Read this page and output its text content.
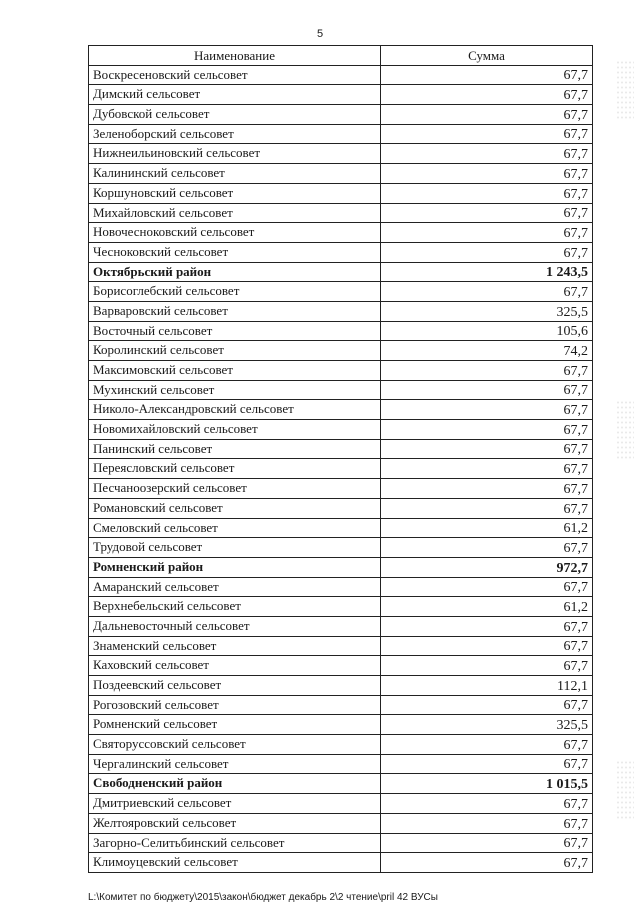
5
Наименование	Сумма
Воскресеновский сельсовет	67,7
Димский сельсовет	67,7
Дубовской сельсовет	67,7
Зеленоборский сельсовет	67,7
Нижнеильиновский сельсовет	67,7
Калининский сельсовет	67,7
Коршуновский сельсовет	67,7
Михайловский сельсовет	67,7
Новочесноковский сельсовет	67,7
Чесноковский сельсовет	67,7
Октябрьский район	1 243,5
Борисоглебский сельсовет	67,7
Варваровский сельсовет	325,5
Восточный сельсовет	105,6
Королинский сельсовет	74,2
Максимовский сельсовет	67,7
Мухинский сельсовет	67,7
Николо-Александровский сельсовет	67,7
Новомихайловский сельсовет	67,7
Панинский сельсовет	67,7
Переясловский сельсовет	67,7
Песчаноозерский сельсовет	67,7
Романовский сельсовет	67,7
Смеловский сельсовет	61,2
Трудовой сельсовет	67,7
Ромненский район	972,7
Амаранский сельсовет	67,7
Верхнебельский сельсовет	61,2
Дальневосточный сельсовет	67,7
Знаменский сельсовет	67,7
Каховский сельсовет	67,7
Поздеевский сельсовет	112,1
Рогозовский сельсовет	67,7
Ромненский сельсовет	325,5
Святоруссовский сельсовет	67,7
Чергалинский сельсовет	67,7
Свободненский район	1 015,5
Дмитриевский сельсовет	67,7
Желтояровский сельсовет	67,7
Загорно-Селитьбинский сельсовет	67,7
Климоуцевский сельсовет	67,7
L:\Комитет по бюджету\2015\закон\бюджет декабрь 2\2 чтение\pril 42 ВУСы
